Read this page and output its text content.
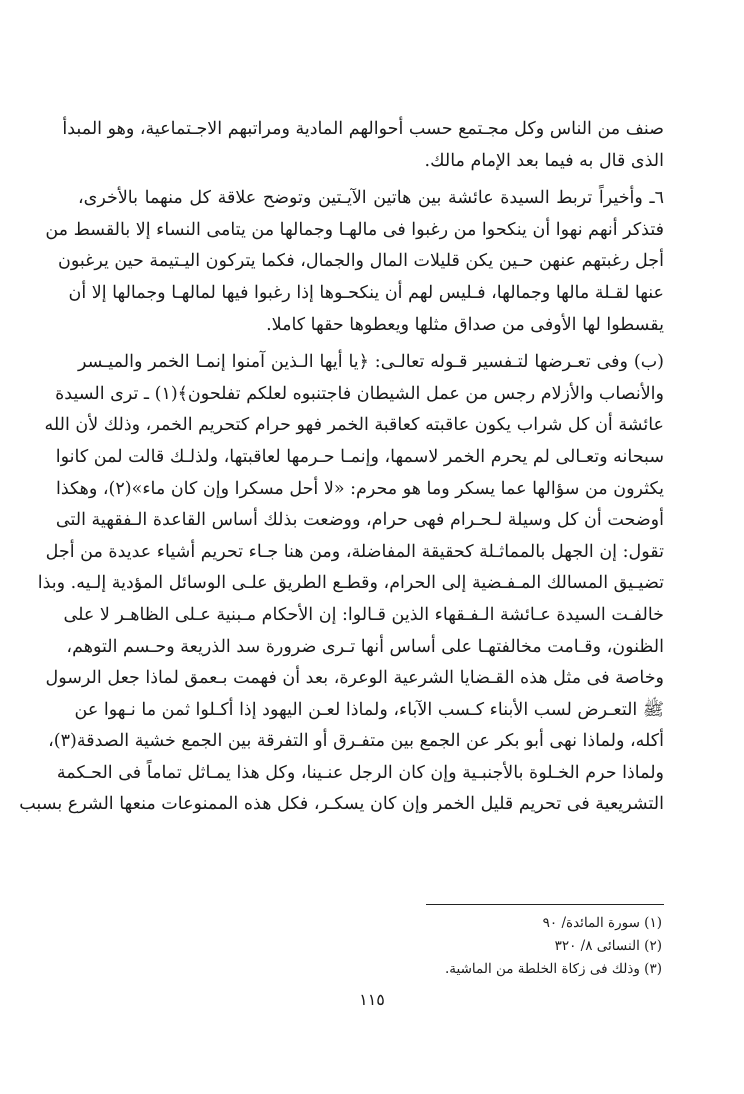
صنف من الناس وكل مجـتمع حسب أحوالهم المادية ومراتبهم الاجـتماعية، وهو المبدأ
الذى قال به فيما بعد الإمام مالك.
٦ـ وأخيراً تربط السيدة عائشة بين هاتين الآيـتين وتوضح علاقة كل منهما بالأخرى،
فتذكر أنهم نهوا أن ينكحوا من رغبوا فى مالهـا وجمالها من يتامى النساء إلا بالقسط من
أجل رغبتهم عنهن حـين يكن قليلات المال والجمال، فكما يتركون اليـتيمة حين يرغبون
عنها لقـلة مالها وجمالها، فـليس لهم أن ينكحـوها إذا رغبوا فيها لمالهـا وجمالها إلا أن
يقسطوا لها الأوفى من صداق مثلها ويعطوها حقها كاملا.
(ب) وفى تعـرضها لتـفسير قـوله تعالـى: ﴿يا أيها الـذين آمنوا إنمـا الخمر والميـسر
والأنصاب والأزلام رجس من عمل الشيطان فاجتنبوه لعلكم تفلحون﴾(١) ـ ترى السيدة
عائشة أن كل شراب يكون عاقبته كعاقبة الخمر فهو حرام كتحريم الخمر، وذلك لأن الله
سبحانه وتعـالى لم يحرم الخمر لاسمها، وإنمـا حـرمها لعاقبتها، ولذلـك قالت لمن كانوا
يكثرون من سؤالها عما يسكر وما هو محرم: «لا أحل مسكرا وإن كان ماء»(٢)، وهكذا
أوضحت أن كل وسيلة لـحـرام فهى حرام، ووضعت بذلك أساس القاعدة الـفقهية التى
تقول: إن الجهل بالمماثـلة كحقيقة المفاضلة، ومن هنا جـاء تحريم أشياء عديدة من أجل
تضيـيق المسالك المـفـضية إلى الحرام، وقطـع الطريق علـى الوسائل المؤدية إلـيه. وبذا
خالفـت السيدة عـائشة الـفـقهاء الذين قـالوا: إن الأحكام مـبنية عـلى الظاهـر لا على
الظنون، وقـامت مخالفتهـا على أساس أنها تـرى ضرورة سد الذريعة وحـسم التوهم،
وخاصة فى مثل هذه القـضايا الشرعية الوعرة، بعد أن فهمت بـعمق لماذا جعل الرسول
ﷺ التعـرض لسب الأبناء كـسب الآباء، ولماذا لعـن اليهود إذا أكـلوا ثمن ما نـهوا عن
أكله، ولماذا نهى أبو بكر عن الجمع بين متفـرق أو التفرقة بين الجمع خشية الصدقة(٣)،
ولماذا حرم الخـلوة بالأجنبـية وإن كان الرجل عنـينا، وكل هذا يمـاثل تماماً فى الحـكمة
التشريعية فى تحريم قليل الخمر وإن كان يسكـر، فكل هذه الممنوعات منعها الشرع بسبب
(١) سورة المائدة/ ٩٠
(٢) النسائى ٨/ ٣٢٠
(٣) وذلك فى زكاة الخلطة من الماشية.
١١٥
